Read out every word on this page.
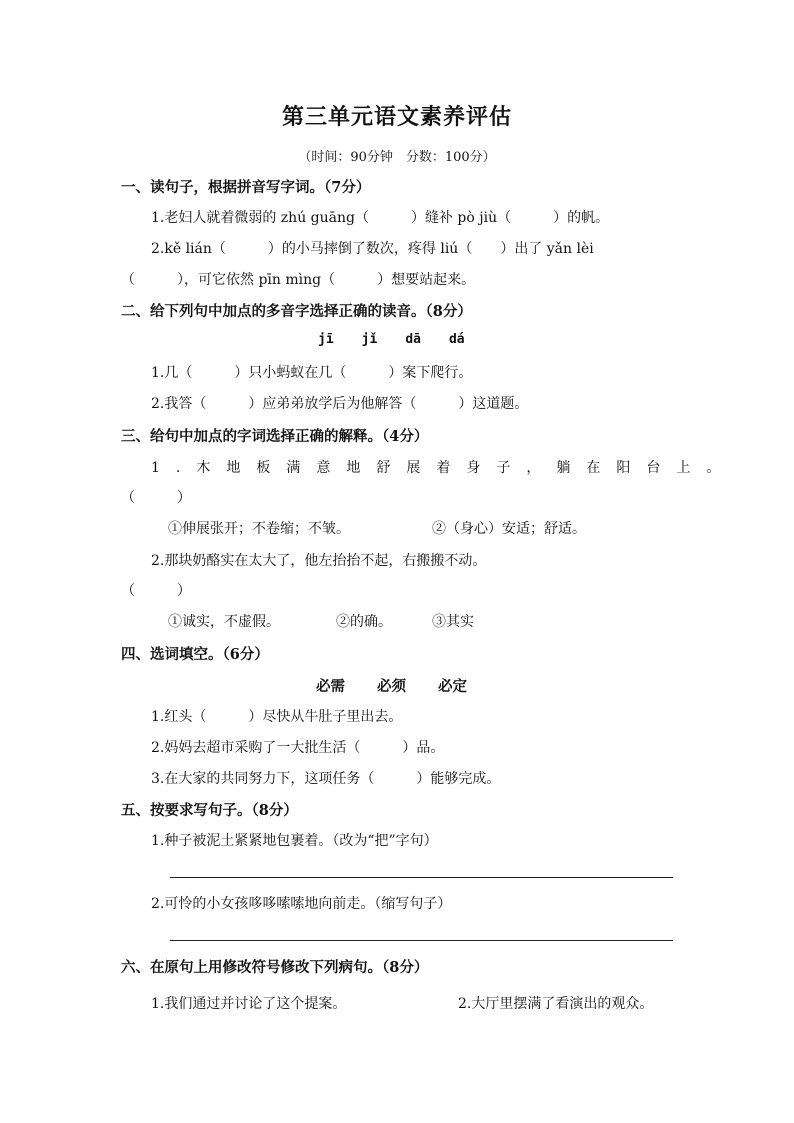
第三单元语文素养评估
（时间：90分钟　分数：100分）
一、读句子，根据拼音写字词。（7分）
1.老妇人就着微弱的 zhú guāng（　　　）缝补 pò jiù（　　　）的帆。
2.kě lián（　　　）的小马摔倒了数次，疼得 liú（　　）出了 yǎn lèi
（　　　），可它依然 pīn mìng（　　　）想要站起来。
二、给下列句中加点的多音字选择正确的读音。（8分）
jī jǐ dā dá
1.几（　　　）只小蚂蚁在几（　　　）案下爬行。
2.我答（　　　）应弟弟放学后为他解答（　　　）这道题。
三、给句中加点的字词选择正确的解释。（4分）
1.木地板满意地舒展着身子，躺在阳台上。
（　　　）
①伸展张开；不卷缩；不皱。	②（身心）安适；舒适。
2.那块奶酪实在太大了，他左抬抬不起，右搬搬不动。
（　　　）
①诚实，不虚假。	②的确。	③其实
四、选词填空。（6分）
必需 必须 必定
1.红头（　　　）尽快从牛肚子里出去。
2.妈妈去超市采购了一大批生活（　　　）品。
3.在大家的共同努力下，这项任务（　　　）能够完成。
五、按要求写句子。（8分）
1.种子被泥土紧紧地包裹着。（改为“把”字句）
2.可怜的小女孩哆哆嗦嗦地向前走。（缩写句子）
六、在原句上用修改符号修改下列病句。（8分）
1.我们通过并讨论了这个提案。	2.大厅里摆满了看演出的观众。
